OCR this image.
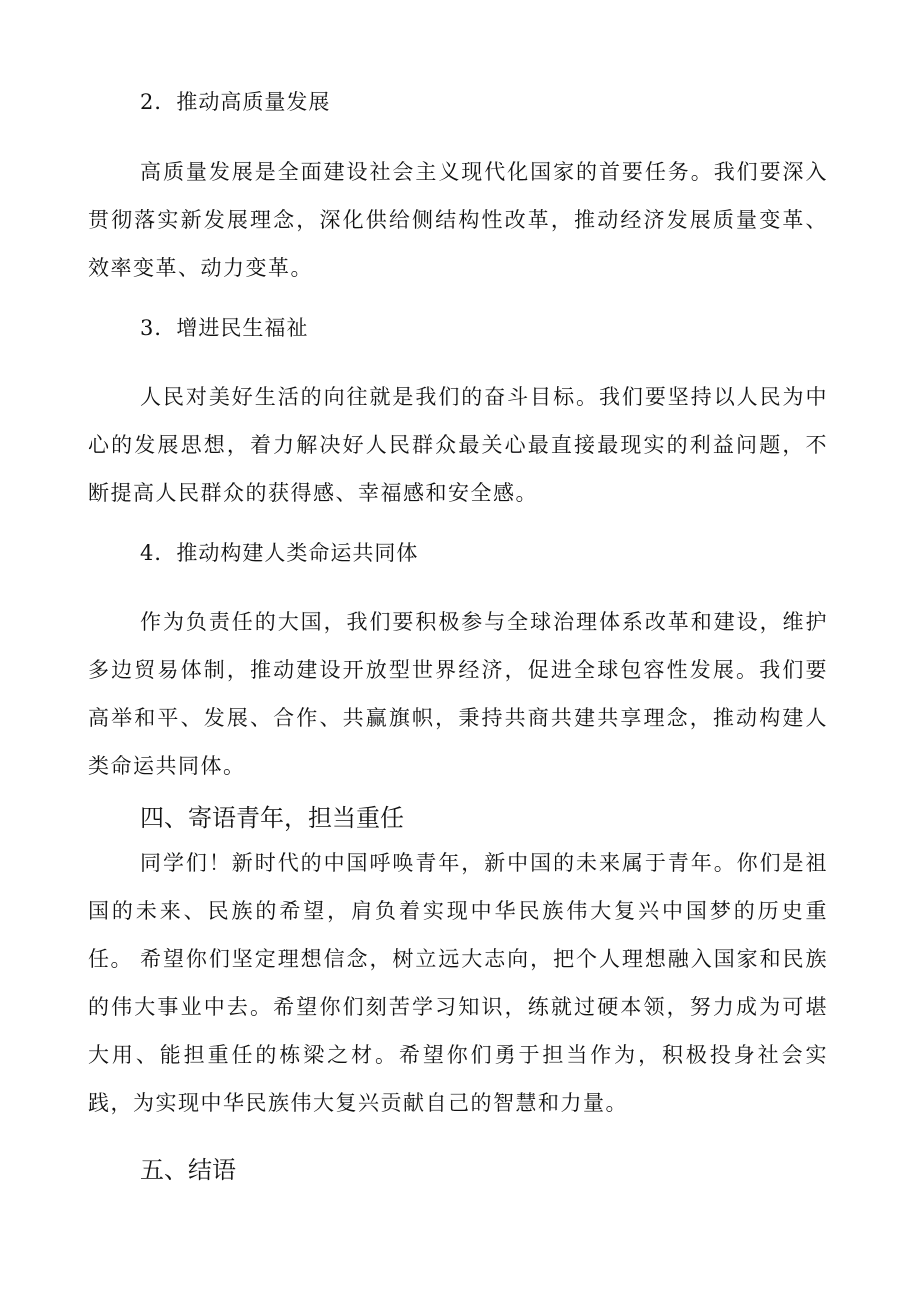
2．推动高质量发展

高质量发展是全面建设社会主义现代化国家的首要任务。我们要深入贯彻落实新发展理念，深化供给侧结构性改革，推动经济发展质量变革、效率变革、动力变革。

3．增进民生福祉

人民对美好生活的向往就是我们的奋斗目标。我们要坚持以人民为中心的发展思想，着力解决好人民群众最关心最直接最现实的利益问题，不断提高人民群众的获得感、幸福感和安全感。

4．推动构建人类命运共同体

作为负责任的大国，我们要积极参与全球治理体系改革和建设，维护多边贸易体制，推动建设开放型世界经济，促进全球包容性发展。我们要高举和平、发展、合作、共赢旗帜，秉持共商共建共享理念，推动构建人类命运共同体。

四、寄语青年，担当重任

同学们！新时代的中国呼唤青年，新中国的未来属于青年。你们是祖国的未来、民族的希望，肩负着实现中华民族伟大复兴中国梦的历史重任。 希望你们坚定理想信念，树立远大志向，把个人理想融入国家和民族的伟大事业中去。希望你们刻苦学习知识，练就过硬本领，努力成为可堪大用、能担重任的栋梁之材。希望你们勇于担当作为，积极投身社会实践，为实现中华民族伟大复兴贡献自己的智慧和力量。

五、结语
